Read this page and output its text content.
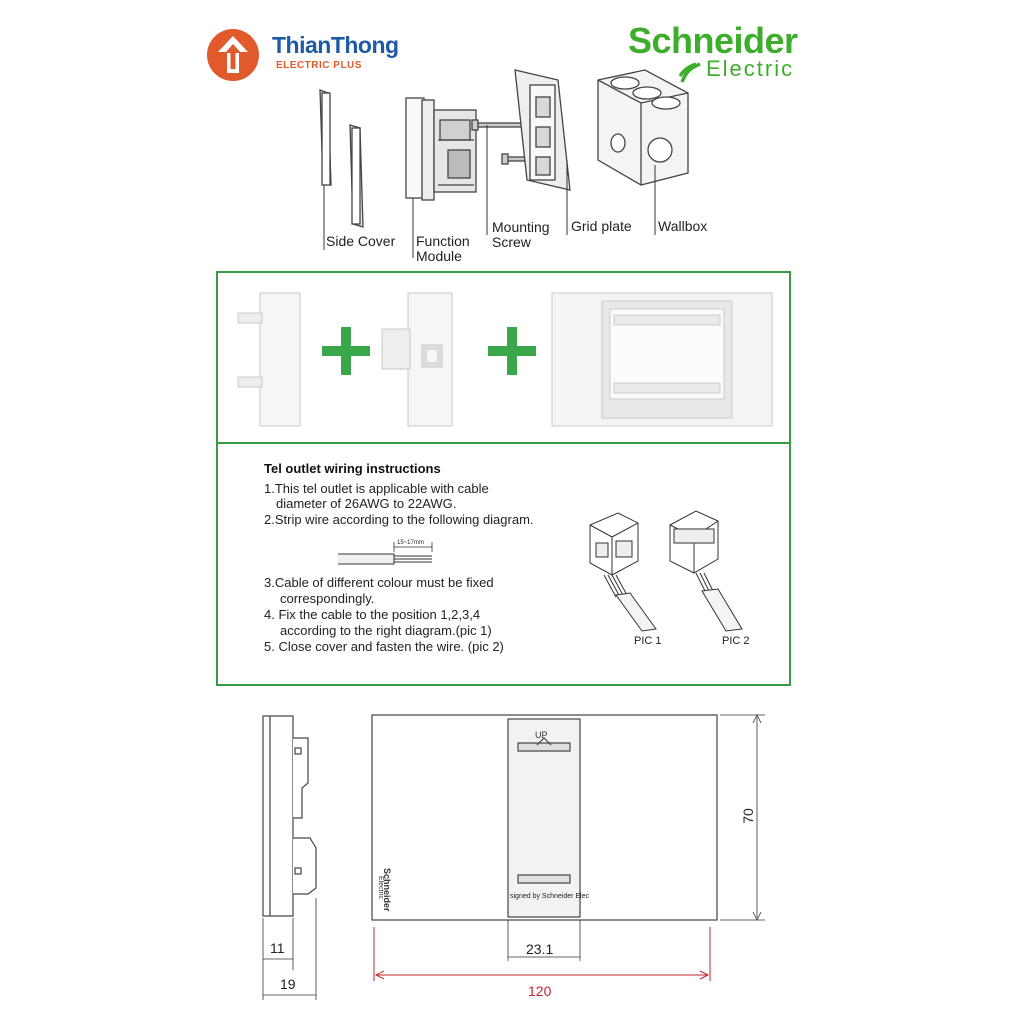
ThianThong
ELECTRIC PLUS
Schneider
Electric
Side Cover Function
Module
Mounting
Screw
Grid plate Wallbox
Tel outlet wiring instructions
1.This tel outlet is applicable with cable
diameter of 26AWG to 22AWG.
2.Strip wire according to the following diagram.
15~17mm
3.Cable of different colour must be fixed
correspondingly.
4. Fix the cable to the position 1,2,3,4
according to the right diagram.(pic 1)
5. Close cover and fasten the wire. (pic 2)	PIC 1	PIC 2
11
19
UP
signed by Schneider Elec
Schneider
Electric
70
23.1
120
